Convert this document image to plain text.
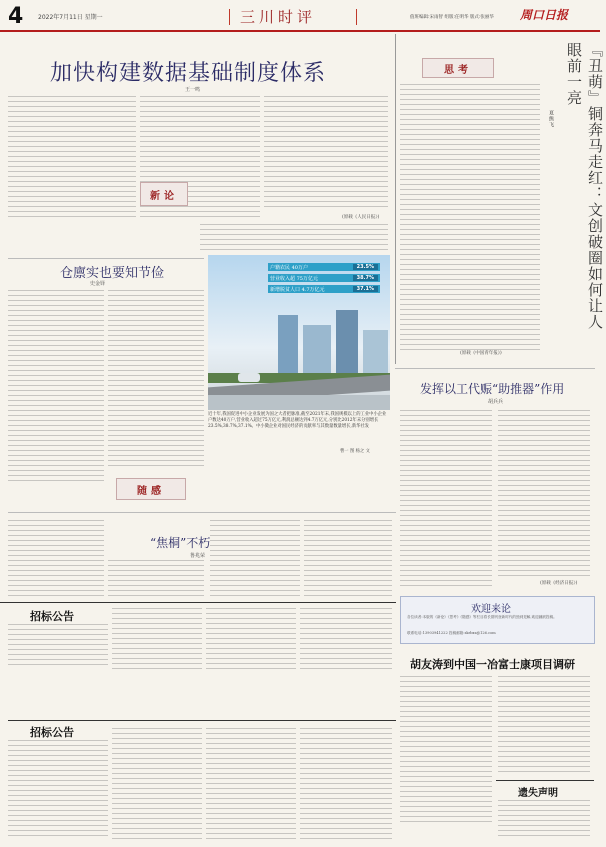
4 2022年7月11日 星期一	三川时评	值班编辑:宋雨智 组版:任明华 版式:张丽华 周口日报
加快构建数据基础制度体系
王一鸣
新论
(原载《人民日报》)
思考	『丑萌』铜奔马走红：文创破圈如何让人眼前一亮
夏熊飞
(原载《中国青年报》)
仓廪实也要知节俭
史金铎
随感
户籍农民 40万户	23.5%
营业收入超 75万亿元	38.7%
新增脱贫人口 4.7万亿元	37.1%
近十年,我国促进中小企业发展为国之大者把脉准,截至2021年末,我国规模以上的工业中小企业户数达40万户,营业收入超过75万亿元,利润总额达到4.7万亿元,分别比2012年末分别增长23.5%,38.7%,37.1%。中小微企业对国民经济的贡献率与其数量数量增长,新华社发
曹一 图 杨之 文
发挥以工代赈“助推器”作用
胡兵兵
(原载《经济日报》)
“焦桐”不朽
鲁兆荣
欢迎来论
各位读者:本版的《新论》《思考》《随感》等栏目将长期刊登新时代的独到见解,欢迎踊跃投稿。
联系电话:13903941222 投稿邮箱:zkrbxz@126.com
招标公告
招标公告
胡友涛到中国一冶富士康项目调研
遗失声明
